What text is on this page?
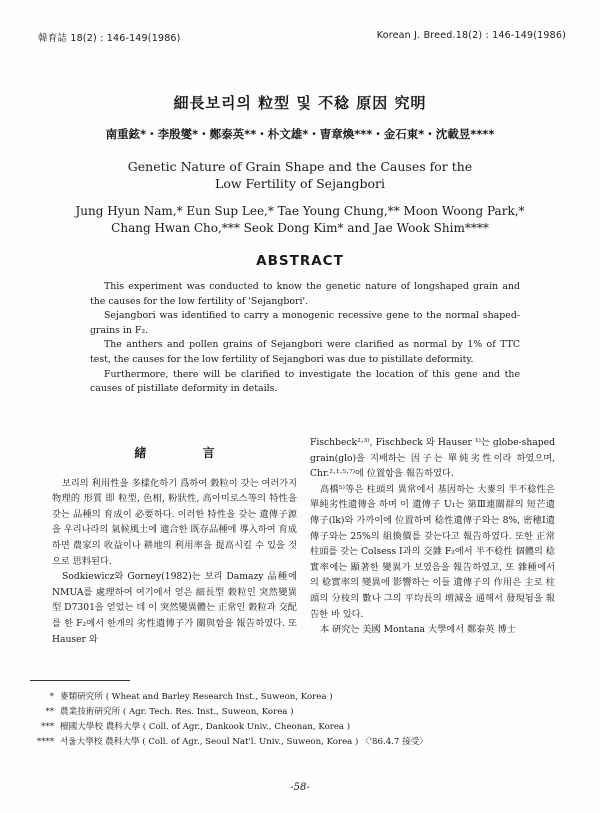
韓育誌 18(2) : 146-149(1986)	Korean J. Breed.18(2) : 146-149(1986)
細長보리의 粒型 및 不稔 原因 究明
南重鉉*・李殷燮*・鄭泰英**・朴文雄*・曺章煥***・金石東*・沈載昱****
Genetic Nature of Grain Shape and the Causes for the
Low Fertility of Sejangbori
Jung Hyun Nam,* Eun Sup Lee,* Tae Young Chung,** Moon Woong Park,*
Chang Hwan Cho,*** Seok Dong Kim* and Jae Wook Shim****
ABSTRACT

This experiment was conducted to know the genetic nature of longshaped grain and the causes for the low fertility of 'Sejangbori'.

Sejangbori was identified to carry a monogenic recessive gene to the normal shaped-grains in F₂.

The anthers and pollen grains of Sejangbori were clarified as normal by 1% of TTC test, the causes for the low fertility of Sejangbori was due to pistillate deformity.

Furthermore, there will be clarified to investigate the location of this gene and the causes of pistillate deformity in details.

緒 言

보리의 利用性을 多樣化하기 爲하여 穀粒이 갖는 여러가지 物理的 形質 即 粒型, 色相, 粉狀性, 高아미로스等의 特性을 갖는 品種의 育成이 必要하다. 이러한 特性을 갖는 遺傳子源을 우리나라의 氣候風土에 適合한 既存品種에 導入하여 育成하면 農家의 收益이나 耕地의 利用率을 提高시킬 수 있을 것으로 思料된다.

Sodkiewicz와 Gorney(1982)는 보리 Damazy 品種에 NMUA를 處理하여 여기에서 얻은 細長型 穀粒인 突然變異型 D7301을 얻었는 데 이 突然變異體는 正常인 穀粒과 交配를 한 F₂에서 한개의 劣性遺傳子가 關與함을 報告하였다. 또 Hauser 와

Fischbeck²·³⁾, Fischbeck 와 Hauser ¹⁾는 globe-shaped grain(glo)을 지배하는 因子는 單純劣性이라 하였으며, Chr.²·¹·⁵·⁷⁾에 位置함을 報告하였다.

高橋⁵⁾等은 柱頭의 異常에서 基因하는 大麥의 半不稔性은 單純劣性遺傳을 하며 이 遺傳子 U₁는 第Ⅲ連關群의 短芒遺傳子(lk)와 가까이에 位置하며 稔性遺傳子와는 8%, 密穗Ⅰ遺傳子와는 25%의 組換價를 갖는다고 報告하였다. 또한 正常 柱頭를 갖는 Colsess Ⅰ과의 交雜 F₂에서 半不稔性 個體의 稔實率에는 顯著한 變異가 보였음을 報告하였고, 또 雜種에서의 稔實率의 變異에 影響하는 이들 遺傳子의 作用은 主로 柱頭의 分枝의 數나 그의 平均長의 增減을 通해서 發現됨을 報告한 바 있다.

本 硏究는 美國 Montana 大學에서 鄭泰英 博士

* 麥類硏究所 ( Wheat and Barley Research Inst., Suweon, Korea )
** 農業技術硏究所 ( Agr. Tech. Res. Inst., Suweon, Korea )
*** 檀國大學校 農科大學 ( Coll. of Agr., Dankook Univ., Cheonan, Korea )
**** 서울大學校 農科大學 ( Coll. of Agr., Seoul Nat'l. Univ., Suweon, Korea ) 〈'86.4.7 接受〉
-58-
